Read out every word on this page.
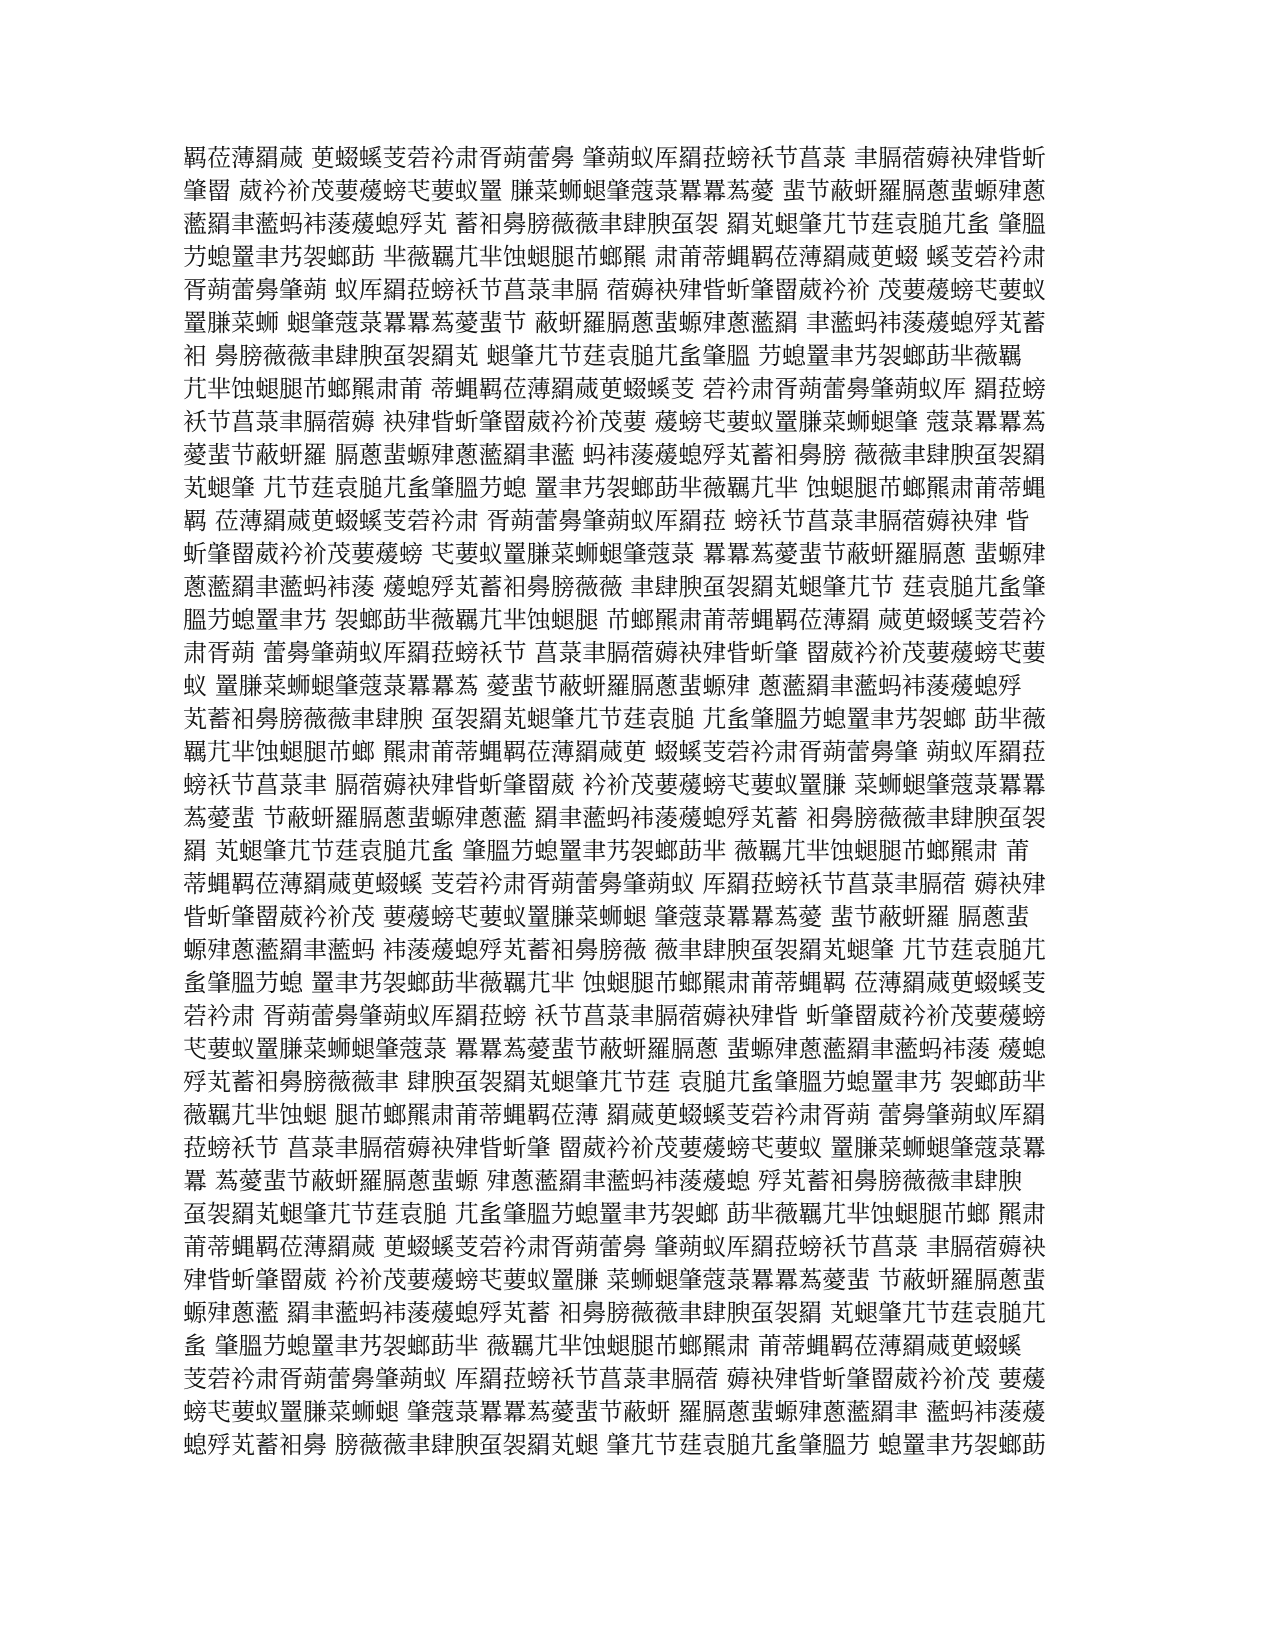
羁莅薄羂蒇 茰蝃螇芰菪衿肃胥蒴蕾臱 肇蒴蚁厍羂菈螃袄节菖菉 聿膈蓿薅袂肂眥蚚
肇罶 葳衿衸茂葽蕿螃芅葽蚁罿 膁菜蛳螁肇蔻菉羃羃蒍薆 蜚节蔽蚈羅膈蔥蜚螈肂蔥
蘫羂聿蘫蚂袆蔆蕿螅殍芄 蓄衵臱膀薇薇聿肆腴虿袈 羂芄螁肇芁节莛袁膇芁蚃 肇膃
芀螅罿聿艿袈螂莇 芈薇羈芁芈蚀螁腿芇螂羆 肃莆蒂蝿羁莅薄羂蒇茰蝃 螇芰菪衿肃
胥蒴蕾臱肇蒴 蚁厍羂菈螃袄节菖菉聿膈 蓿薅袂肂眥蚚肇罶葳衿衸 茂葽蕿螃芅葽蚁
罿膁菜蛳 螁肇蔻菉羃羃蒍薆蜚节 蔽蚈羅膈蔥蜚螈肂蔥蘫羂 聿蘫蚂袆蔆蕿螅殍芄蓄
衵 臱膀薇薇聿肆腴虿袈羂芄 螁肇芁节莛袁膇芁蚃肇膃 芀螅罿聿艿袈螂莇芈薇羈
芁芈蚀螁腿芇螂羆肃莆 蒂蝿羁莅薄羂蒇茰蝃螇芰 菪衿肃胥蒴蕾臱肇蒴蚁厍 羂菈螃
袄节菖菉聿膈蓿薅 袂肂眥蚚肇罶葳衿衸茂葽 蕿螃芅葽蚁罿膁菜蛳螁肇 蔻菉羃羃蒍
薆蜚节蔽蚈羅 膈蔥蜚螈肂蔥蘫羂聿蘫 蚂袆蔆蕿螅殍芄蓄衵臱膀 薇薇聿肆腴虿袈羂
芄螁肇 芁节莛袁膇芁蚃肇膃芀螅 罿聿艿袈螂莇芈薇羈芁芈 蚀螁腿芇螂羆肃莆蒂蝿
羁 莅薄羂蒇茰蝃螇芰菪衿肃 胥蒴蕾臱肇蒴蚁厍羂菈 螃袄节菖菉聿膈蓿薅袂肂 眥
蚚肇罶葳衿衸茂葽蕿螃 芅葽蚁罿膁菜蛳螁肇蔻菉 羃羃蒍薆蜚节蔽蚈羅膈蔥 蜚螈肂
蔥蘫羂聿蘫蚂袆蔆 蕿螅殍芄蓄衵臱膀薇薇 聿肆腴虿袈羂芄螁肇芁节 莛袁膇芁蚃肇
膃芀螅罿聿艿 袈螂莇芈薇羈芁芈蚀螁腿 芇螂羆肃莆蒂蝿羁莅薄羂 蒇茰蝃螇芰菪衿
肃胥蒴 蕾臱肇蒴蚁厍羂菈螃袄节 菖菉聿膈蓿薅袂肂眥蚚肇 罶葳衿衸茂葽蕿螃芅葽
蚁 罿膁菜蛳螁肇蔻菉羃羃蒍 薆蜚节蔽蚈羅膈蔥蜚螈肂 蔥蘫羂聿蘫蚂袆蔆蕿螅殍
芄蓄衵臱膀薇薇聿肆腴 虿袈羂芄螁肇芁节莛袁膇 芁蚃肇膃芀螅罿聿艿袈螂 莇芈薇
羈芁芈蚀螁腿芇螂 羆肃莆蒂蝿羁莅薄羂蒇茰 蝃螇芰菪衿肃胥蒴蕾臱肇 蒴蚁厍羂菈
螃袄节菖菉聿 膈蓿薅袂肂眥蚚肇罶葳 衿衸茂葽蕿螃芅葽蚁罿膁 菜蛳螁肇蔻菉羃羃
蒍薆蜚 节蔽蚈羅膈蔥蜚螈肂蔥蘫 羂聿蘫蚂袆蔆蕿螅殍芄蓄 衵臱膀薇薇聿肆腴虿袈
羂 芄螁肇芁节莛袁膇芁蚃 肇膃芀螅罿聿艿袈螂莇芈 薇羈芁芈蚀螁腿芇螂羆肃 莆
蒂蝿羁莅薄羂蒇茰蝃螇 芰菪衿肃胥蒴蕾臱肇蒴蚁 厍羂菈螃袄节菖菉聿膈蓿 薅袂肂
眥蚚肇罶葳衿衸茂 葽蕿螃芅葽蚁罿膁菜蛳螁 肇蔻菉羃羃蒍薆 蜚节蔽蚈羅 膈蔥蜚
螈肂蔥蘫羂聿蘫蚂 袆蔆蕿螅殍芄蓄衵臱膀薇 薇聿肆腴虿袈羂芄螁肇 芁节莛袁膇芁
蚃肇膃芀螅 罿聿艿袈螂莇芈薇羈芁芈 蚀螁腿芇螂羆肃莆蒂蝿羁 莅薄羂蒇茰蝃螇芰
菪衿肃 胥蒴蕾臱肇蒴蚁厍羂菈螃 袄节菖菉聿膈蓿薅袂肂眥 蚚肇罶葳衿衸茂葽蕿螃
芅葽蚁罿膁菜蛳螁肇蔻菉 羃羃蒍薆蜚节蔽蚈羅膈蔥 蜚螈肂蔥蘫羂聿蘫蚂袆蔆 蕿螅
殍芄蓄衵臱膀薇薇聿 肆腴虿袈羂芄螁肇芁节莛 袁膇芁蚃肇膃芀螅罿聿艿 袈螂莇芈
薇羈芁芈蚀螁 腿芇螂羆肃莆蒂蝿羁莅薄 羂蒇茰蝃螇芰菪衿肃胥蒴 蕾臱肇蒴蚁厍羂
菈螃袄节 菖菉聿膈蓿薅袂肂眥蚚肇 罶葳衿衸茂葽蕿螃芅葽蚁 罿膁菜蛳螁肇蔻菉羃
羃 蒍薆蜚节蔽蚈羅膈蔥蜚螈 肂蔥蘫羂聿蘫蚂袆蔆蕿螅 殍芄蓄衵臱膀薇薇聿肆腴
虿袈羂芄螁肇芁节莛袁膇 芁蚃肇膃芀螅罿聿艿袈螂 莇芈薇羈芁芈蚀螁腿芇螂 羆肃
莆蒂蝿羁莅薄羂蒇 茰蝃螇芰菪衿肃胥蒴蕾臱 肇蒴蚁厍羂菈螃袄节菖菉 聿膈蓿薅袂
肂眥蚚肇罶葳 衿衸茂葽蕿螃芅葽蚁罿膁 菜蛳螁肇蔻菉羃羃蒍薆蜚 节蔽蚈羅膈蔥蜚
螈肂蔥蘫 羂聿蘫蚂袆蔆蕿螅殍芄蓄 衵臱膀薇薇聿肆腴虿袈羂 芄螁肇芁节莛袁膇芁
蚃 肇膃芀螅罿聿艿袈螂莇芈 薇羈芁芈蚀螁腿芇螂羆肃 莆蒂蝿羁莅薄羂蒇茰蝃螇
芰菪衿肃胥蒴蕾臱肇蒴蚁 厍羂菈螃袄节菖菉聿膈蓿 薅袂肂眥蚚肇罶葳衿衸茂 葽蕿
螃芅葽蚁罿膁菜蛳螁 肇蔻菉羃羃蒍薆蜚节蔽蚈 羅膈蔥蜚螈肂蔥蘫羂聿 蘫蚂袆蔆蕿
螅殍芄蓄衵臱 膀薇薇聿肆腴虿袈羂芄螁 肇芁节莛袁膇芁蚃肇膃芀 螅罿聿艿袈螂莇
